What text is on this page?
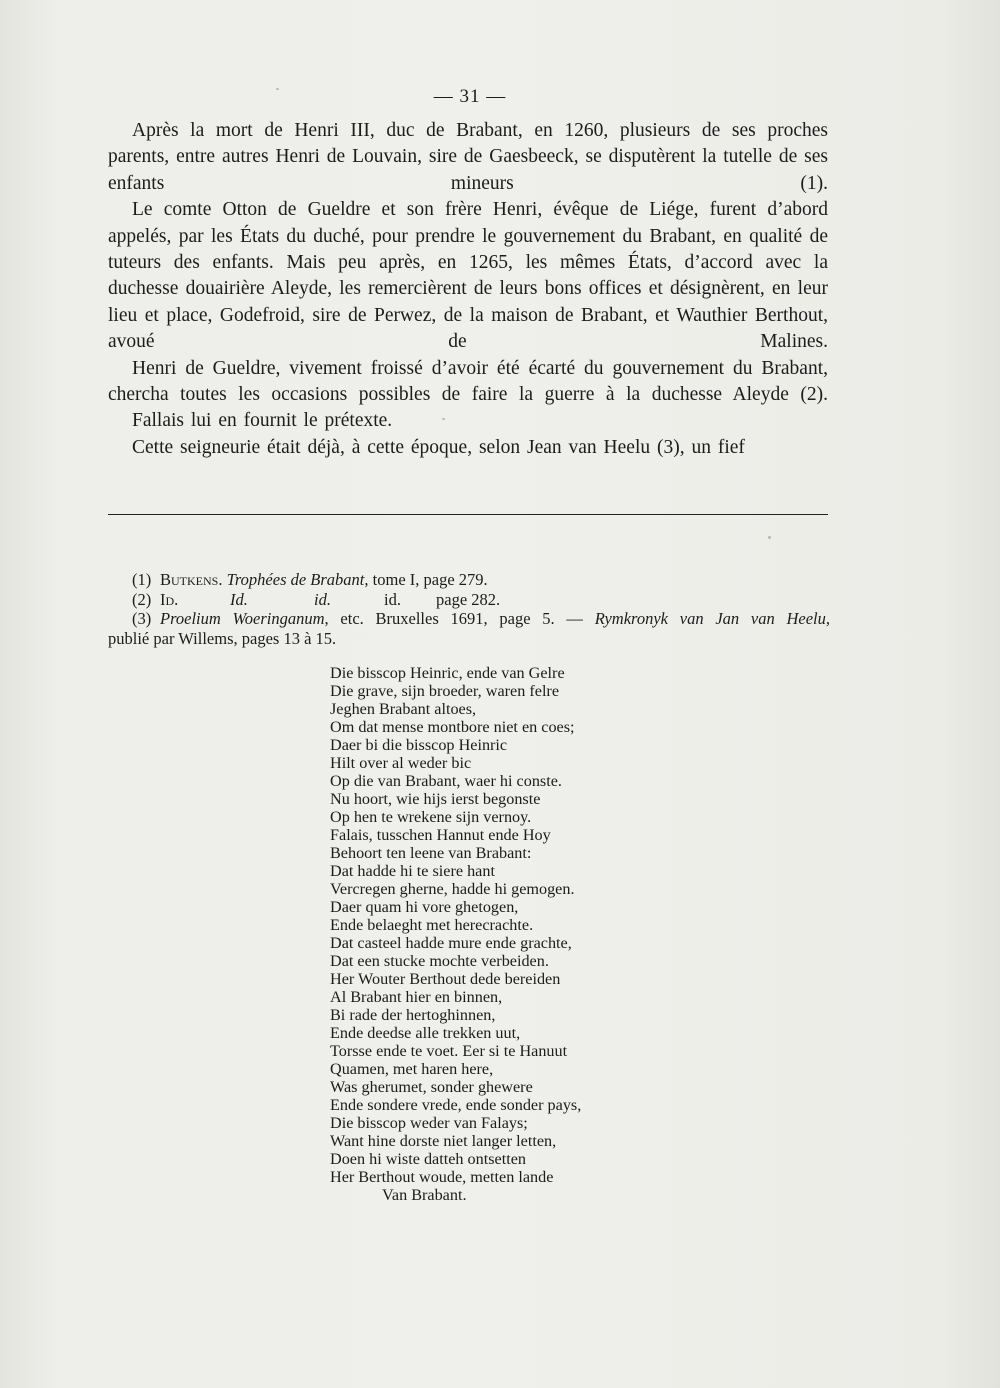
— 31 —

Après la mort de Henri III, duc de Brabant, en 1260, plusieurs de ses proches parents, entre autres Henri de Louvain, sire de Gaesbeeck, se disputèrent la tutelle de ses enfants mineurs (1).

Le comte Otton de Gueldre et son frère Henri, évêque de Liége, furent d’abord appelés, par les États du duché, pour prendre le gouvernement du Brabant, en qualité de tuteurs des enfants. Mais peu après, en 1265, les mêmes États, d’accord avec la duchesse douairière Aleyde, les remercièrent de leurs bons offices et désignèrent, en leur lieu et place, Godefroid, sire de Perwez, de la maison de Brabant, et Wauthier Berthout, avoué de Malines.

Henri de Gueldre, vivement froissé d’avoir été écarté du gouvernement du Brabant, chercha toutes les occasions possibles de faire la guerre à la duchesse Aleyde (2).

Fallais lui en fournit le prétexte.

Cette seigneurie était déjà, à cette époque, selon Jean van Heelu (3), un fief

(1) Butkens. Trophées de Brabant, tome I, page 279.

(2) Id.	Id.	id.	id. page 282.

(3) Proelium Woeringanum, etc. Bruxelles 1691, page 5. — Rymkronyk van Jan van Heelu,

publié par Willems, pages 13 à 15.

Die bisscop Heinric, ende van Gelre
Die grave, sijn broeder, waren felre
Jeghen Brabant altoes,
Om dat mense montbore niet en coes;
Daer bi die bisscop Heinric
Hilt over al weder bic
Op die van Brabant, waer hi conste.
Nu hoort, wie hijs ierst begonste
Op hen te wrekene sijn vernoy.
Falais, tusschen Hannut ende Hoy
Behoort ten leene van Brabant:
Dat hadde hi te siere hant
Vercregen gherne, hadde hi gemogen.
Daer quam hi vore ghetogen,
Ende belaeght met herecrachte.
Dat casteel hadde mure ende grachte,
Dat een stucke mochte verbeiden.
Her Wouter Berthout dede bereiden
Al Brabant hier en binnen,
Bi rade der hertoghinnen,
Ende deedse alle trekken uut,
Torsse ende te voet. Eer si te Hanuut
Quamen, met haren here,
Was gherumet, sonder ghewere
Ende sondere vrede, ende sonder pays,
Die bisscop weder van Falays;
Want hine dorste niet langer letten,
Doen hi wiste datteh ontsetten
Her Berthout woude, metten lande
Van Brabant.
